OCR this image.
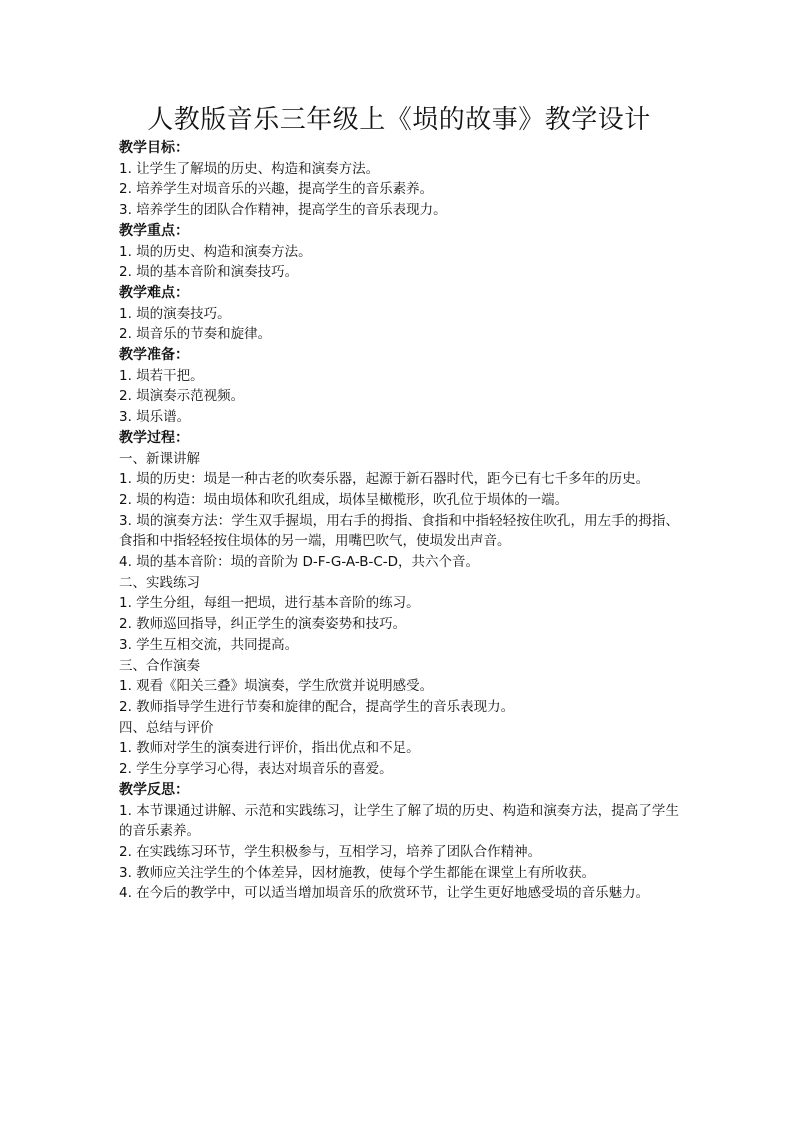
人教版音乐三年级上《埙的故事》教学设计

教学目标：

1. 让学生了解埙的历史、构造和演奏方法。

2. 培养学生对埙音乐的兴趣，提高学生的音乐素养。

3. 培养学生的团队合作精神，提高学生的音乐表现力。

教学重点：

1. 埙的历史、构造和演奏方法。

2. 埙的基本音阶和演奏技巧。

教学难点：

1. 埙的演奏技巧。

2. 埙音乐的节奏和旋律。

教学准备：

1. 埙若干把。

2. 埙演奏示范视频。

3. 埙乐谱。

教学过程：

一、新课讲解

1. 埙的历史：埙是一种古老的吹奏乐器，起源于新石器时代，距今已有七千多年的历史。

2. 埙的构造：埙由埙体和吹孔组成，埙体呈橄榄形，吹孔位于埙体的一端。

3. 埙的演奏方法：学生双手握埙，用右手的拇指、食指和中指轻轻按住吹孔，用左手的拇指、食指和中指轻轻按住埙体的另一端，用嘴巴吹气，使埙发出声音。

4. 埙的基本音阶：埙的音阶为 D-F-G-A-B-C-D，共六个音。

二、实践练习

1. 学生分组，每组一把埙，进行基本音阶的练习。

2. 教师巡回指导，纠正学生的演奏姿势和技巧。

3. 学生互相交流，共同提高。

三、合作演奏

1. 观看《阳关三叠》埙演奏，学生欣赏并说明感受。

2. 教师指导学生进行节奏和旋律的配合，提高学生的音乐表现力。

四、总结与评价

1. 教师对学生的演奏进行评价，指出优点和不足。

2. 学生分享学习心得，表达对埙音乐的喜爱。

教学反思：

1. 本节课通过讲解、示范和实践练习，让学生了解了埙的历史、构造和演奏方法，提高了学生的音乐素养。

2. 在实践练习环节，学生积极参与，互相学习，培养了团队合作精神。

3. 教师应关注学生的个体差异，因材施教，使每个学生都能在课堂上有所收获。

4. 在今后的教学中，可以适当增加埙音乐的欣赏环节，让学生更好地感受埙的音乐魅力。
